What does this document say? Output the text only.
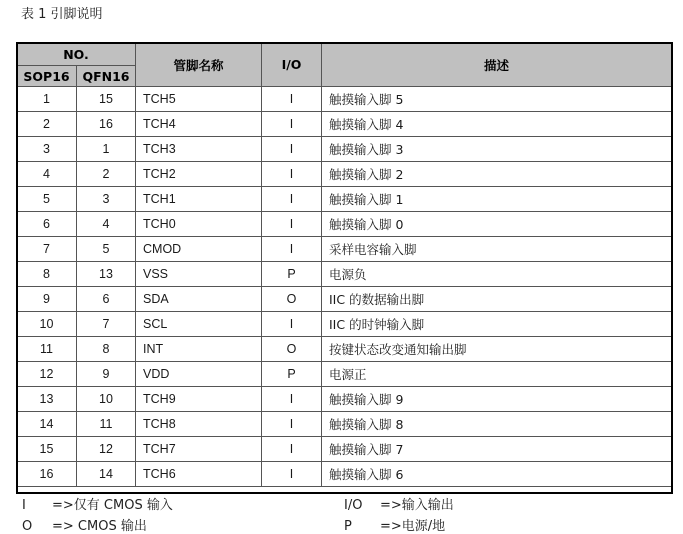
表 1 引脚说明
NO.		管脚名称	I/O	描述
SOP16	QFN16			
1	15	TCH5	I	触摸输入脚 5
2	16	TCH4	I	触摸输入脚 4
3	1	TCH3	I	触摸输入脚 3
4	2	TCH2	I	触摸输入脚 2
5	3	TCH1	I	触摸输入脚 1
6	4	TCH0	I	触摸输入脚 0
7	5	CMOD	I	采样电容输入脚
8	13	VSS	P	电源负
9	6	SDA	O	IIC 的数据输出脚
10	7	SCL	I	IIC 的时钟输入脚
11	8	INT	O	按键状态改变通知输出脚
12	9	VDD	P	电源正
13	10	TCH9	I	触摸输入脚 9
14	11	TCH8	I	触摸输入脚 8
15	12	TCH7	I	触摸输入脚 7
16	14	TCH6	I	触摸输入脚 6
I =>仅有 CMOS 输入	I/O =>输入输出
O => CMOS 输出	P =>电源/地
